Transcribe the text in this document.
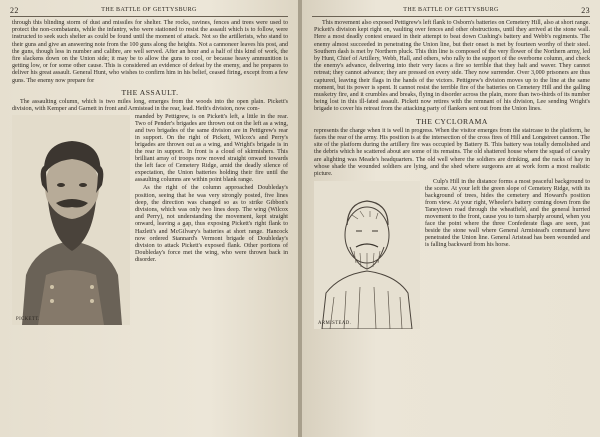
22	THE BATTLE OF GETTYSBURG

through this blinding storm of dust and missiles for shelter. The rocks, ravines, fences and trees were used to protect the non-combatants, while the infantry, who were stationed to resist the assault which is to follow, were instructed to seek such shelter as could be found until the moment of attack. Not so the artillerists, who stand to their guns and give an answering note from the 100 guns along the heights. Not a cannoneer leaves his post, and the guns, though less in number and calibre, are well served. After an hour and a half of this kind of work, the fire slackens down on the Union side; it may be to allow the guns to cool, or because heavy ammunition is getting low, or for some other cause. This is considered an evidence of defeat by the enemy, and he prepares to deliver his great assault. General Hunt, who wishes to confirm him in his belief, ceased firing, except from a few guns. The enemy now prepare for

THE ASSAULT.

The assaulting column, which is two miles long, emerges from the woods into the open plain. Pickett's division, with Kemper and Garnett in front and Armistead in the rear, lead. Heth's division, now com-

PICKETT.

manded by Pettigrew, is on Pickett's left, a little in the rear. Two of Pender's brigades are thrown out on the left as a wing, and two brigades of the same division are in Pettigrew's rear in support. On the right of Pickett, Wilcox's and Perry's brigades are thrown out as a wing, and Wright's brigade is in the rear in support. In front is a cloud of skirmishers. This brilliant array of troops now moved straight onward towards the left face of Cemetery Ridge, amid the deadly silence of expectation, the Union batteries holding their fire until the assaulting columns are within point blank range.

As the right of the column approached Doubleday's position, seeing that he was very strongly posted, five lines deep, the direction was changed so as to strike Gibbon's divisions, which was only two lines deep. The wing (Wilcox and Perry), not understanding the movement, kept straight onward, leaving a gap, thus exposing Pickett's right flank to Hazlett's and McGilvary's batteries at short range. Hancock now ordered Stannard's Vermont brigade of Doubleday's division to attack Pickett's exposed flank. Other portions of Doubleday's force met the wing, who were thrown back in disorder.

THE BATTLE OF GETTYSBURG	23

This movement also exposed Pettigrew's left flank to Osborn's batteries on Cemetery Hill, also at short range. Pickett's division kept right on, vaulting over fences and other obstructions, until they arrived at the stone wall. Here a most deadly contest ensued in their attempt to beat down Cushing's battery and Webb's regiments. The enemy almost succeeded in penetrating the Union line, but their onset is met by fourteen worthy of their steel. Southern dash is met by Northern pluck. This thin line is composed of the very flower of the Northern army, led by Hunt, Chief of Artillery, Webb, Hall, and others, who rally to the support of the overborne column, and check the enemy's advance, delivering into their very faces a fire so terrible that they halt and waver. They cannot retreat; they cannot advance; they are pressed on every side. They now surrender. Over 3,000 prisoners are thus captured, leaving their flags in the hands of the victors. Pettigrew's division moves up to the line at the same moment, but its power is spent. It cannot resist the terrible fire of the batteries on Cemetery Hill and the galling musketry fire, and it crumbles and breaks, flying in disorder across the plain, more than two-thirds of its number being lost in this ill-fated assault. Pickett now retires with the remnant of his division, Lee sending Wright's brigade to cover his retreat from the attacking party of flankers sent out from the Union lines.

THE CYCLORAMA

represents the charge when it is well in progress. When the visitor emerges from the staircase to the platform, he faces the rear of the army. His position is at the intersection of the cross fires of Hill and Longstreet cannon. The site of the platform during the artillery fire was occupied by Battery B. This battery was totally demolished and the debris which he scattered about are some of its remains. The old shattered house where the squad of cavalry are alighting was Meade's headquarters. The old well where the soldiers are drinking, and the racks of hay in whose shade the wounded soldiers are lying, and the shed where surgeons are at work form a most realistic picture.

ARMISTEAD.

Culp's Hill in the distance forms a most peaceful background to the scene. At your left the green slope of Cemetery Ridge, with its background of trees, hides the cemetery and Howard's position from view. At your right, Wheeler's battery coming down from the Taneytown road through the wheatfield, and the general hurried movement to the front, cause you to turn sharply around, when you face the point where the three Confederate flags are seen, just beside the stone wall where General Armistead's command have penetrated the Union line. General Aristead has been wounded and is falling backward from his horse.
